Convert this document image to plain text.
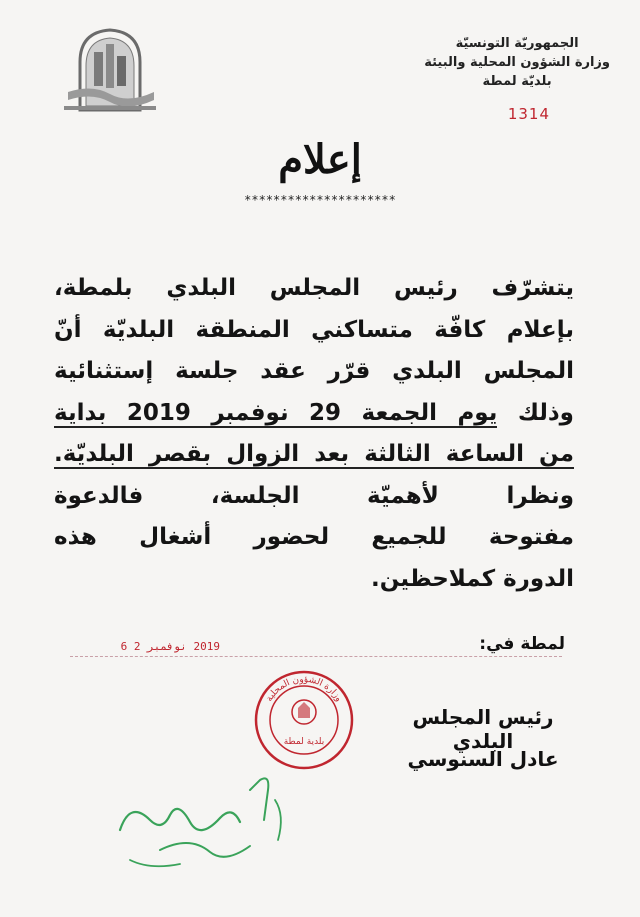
الجمهوريّة التونسيّة
وزارة الشؤون المحلية والبيئة
بلديّة لمطة
1314
إعلام
*********************
يتشرّف رئيس المجلس البلدي بلمطة،
بإعلام كافّة متساكني المنطقة البلديّة أنّ
المجلس البلدي قرّر عقد جلسة إستثنائية
وذلك يوم الجمعة 29 نوفمبر 2019 بداية
من الساعة الثالثة بعد الزوال بقصر البلديّة.
ونظرا لأهميّة الجلسة، فالدعوة
مفتوحة للجميع لحضور أشغال هذه
الدورة كملاحظين.
لمطة في:
2019 نوفمبر 2 6
وزارة الشؤون المحلية
بلدية لمطة
رئيس المجلس البلدي
عادل السنوسي
